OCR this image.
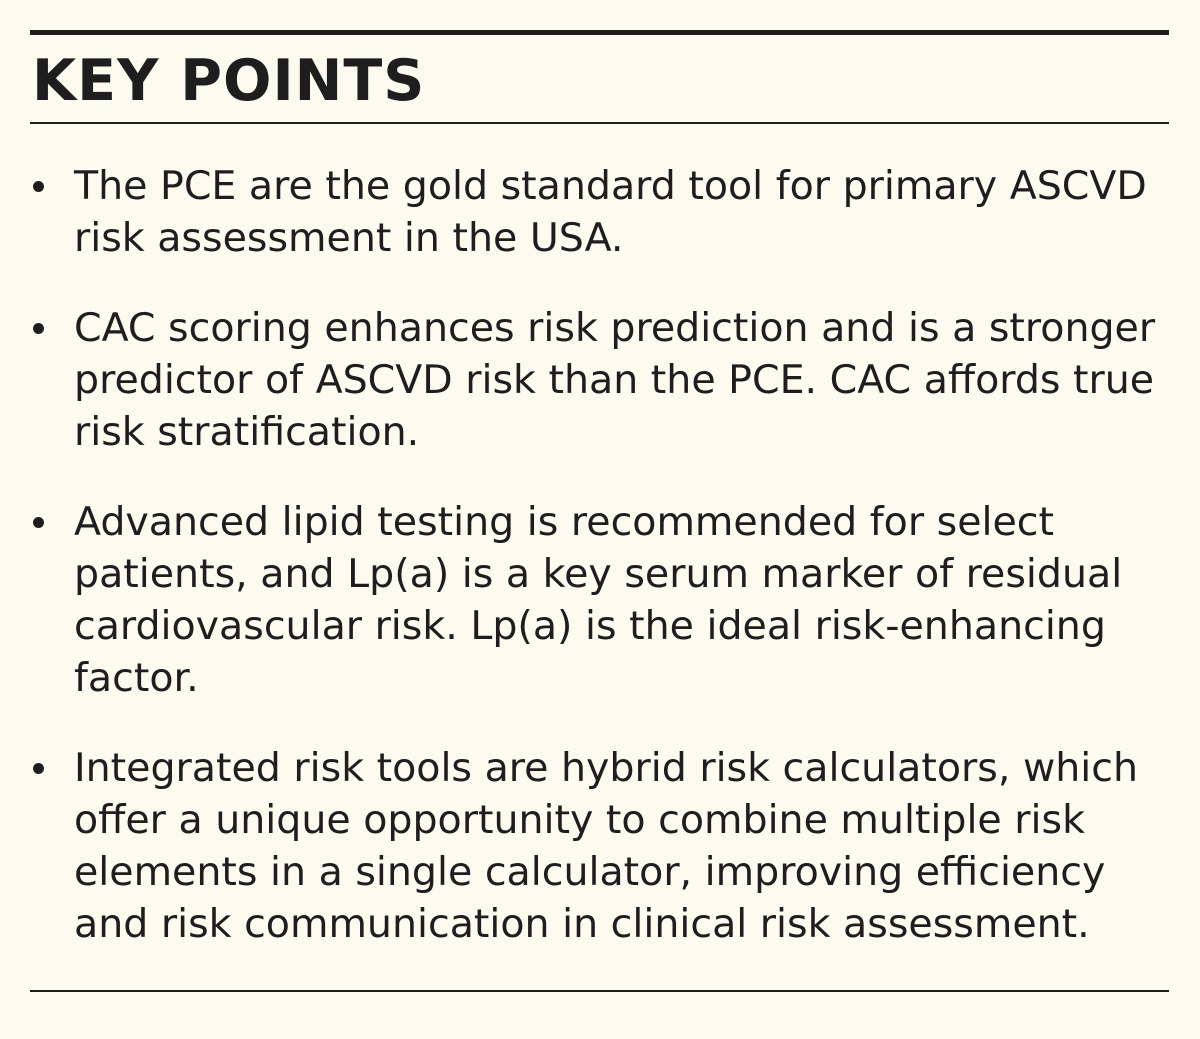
KEY POINTS
The PCE are the gold standard tool for primary ASCVD risk assessment in the USA.
CAC scoring enhances risk prediction and is a stronger predictor of ASCVD risk than the PCE. CAC affords true risk stratification.
Advanced lipid testing is recommended for select patients, and Lp(a) is a key serum marker of residual cardiovascular risk. Lp(a) is the ideal risk-enhancing factor.
Integrated risk tools are hybrid risk calculators, which offer a unique opportunity to combine multiple risk elements in a single calculator, improving efficiency and risk communication in clinical risk assessment.
